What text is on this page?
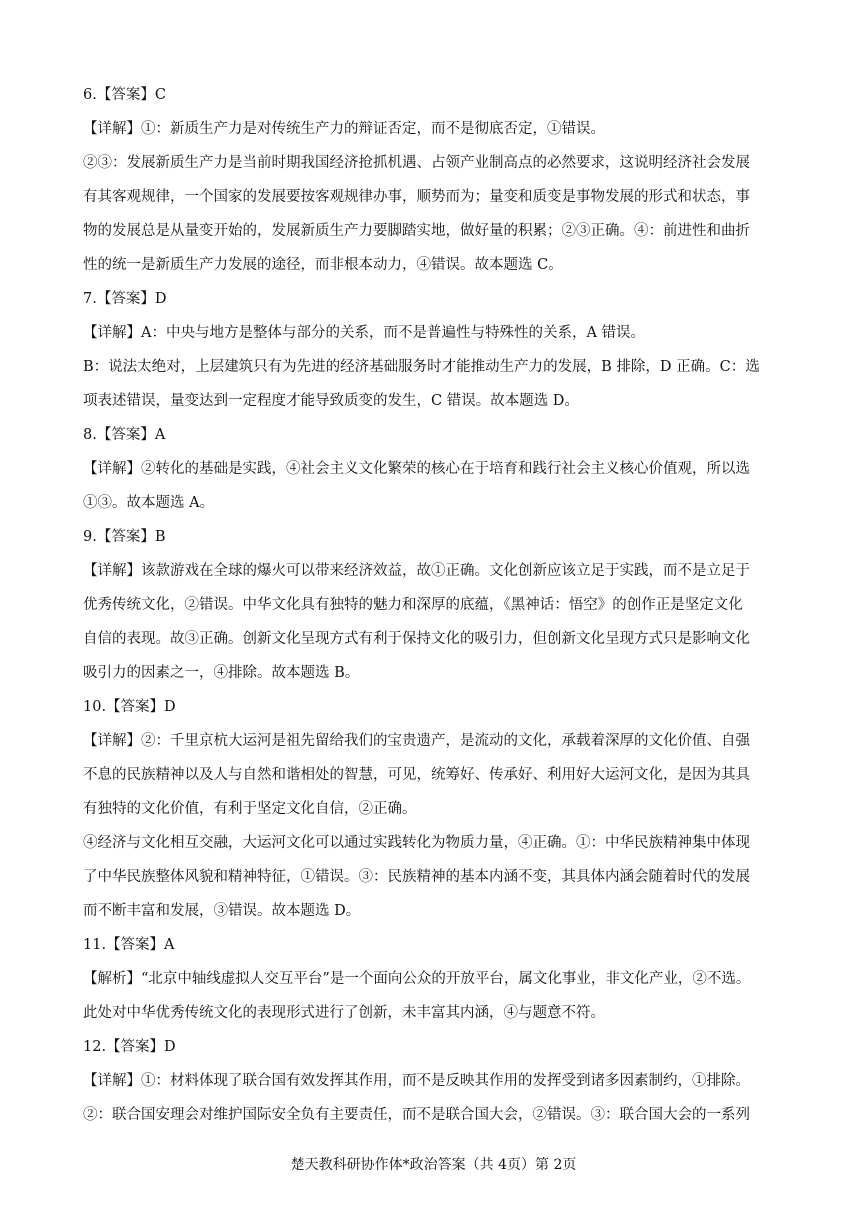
6.【答案】C

【详解】①：新质生产力是对传统生产力的辩证否定，而不是彻底否定，①错误。

②③：发展新质生产力是当前时期我国经济抢抓机遇、占领产业制高点的必然要求，这说明经济社会发展

有其客观规律，一个国家的发展要按客观规律办事，顺势而为；量变和质变是事物发展的形式和状态，事

物的发展总是从量变开始的，发展新质生产力要脚踏实地，做好量的积累；②③正确。④：前进性和曲折

性的统一是新质生产力发展的途径，而非根本动力，④错误。故本题选 C。

7.【答案】D

【详解】A：中央与地方是整体与部分的关系，而不是普遍性与特殊性的关系，A 错误。

B：说法太绝对，上层建筑只有为先进的经济基础服务时才能推动生产力的发展，B 排除，D 正确。C：选

项表述错误，量变达到一定程度才能导致质变的发生，C 错误。故本题选 D。

8.【答案】A

【详解】②转化的基础是实践，④社会主义文化繁荣的核心在于培育和践行社会主义核心价值观，所以选

①③。故本题选 A。

9.【答案】B

【详解】该款游戏在全球的爆火可以带来经济效益，故①正确。文化创新应该立足于实践，而不是立足于

优秀传统文化，②错误。中华文化具有独特的魅力和深厚的底蕴，《黑神话：悟空》的创作正是坚定文化

自信的表现。故③正确。创新文化呈现方式有利于保持文化的吸引力，但创新文化呈现方式只是影响文化

吸引力的因素之一，④排除。故本题选 B。

10.【答案】D

【详解】②：千里京杭大运河是祖先留给我们的宝贵遗产，是流动的文化，承载着深厚的文化价值、自强

不息的民族精神以及人与自然和谐相处的智慧，可见，统筹好、传承好、利用好大运河文化，是因为其具

有独特的文化价值，有利于坚定文化自信，②正确。

④经济与文化相互交融，大运河文化可以通过实践转化为物质力量，④正确。①：中华民族精神集中体现

了中华民族整体风貌和精神特征，①错误。③：民族精神的基本内涵不变，其具体内涵会随着时代的发展

而不断丰富和发展，③错误。故本题选 D。

11.【答案】A

【解析】“北京中轴线虚拟人交互平台”是一个面向公众的开放平台，属文化事业，非文化产业，②不选。

此处对中华优秀传统文化的表现形式进行了创新，未丰富其内涵，④与题意不符。

12.【答案】D

【详解】①：材料体现了联合国有效发挥其作用，而不是反映其作用的发挥受到诸多因素制约，①排除。

②：联合国安理会对维护国际安全负有主要责任，而不是联合国大会，②错误。③：联合国大会的一系列

楚天教科研协作体*政治答案（共 4页）第 2页
